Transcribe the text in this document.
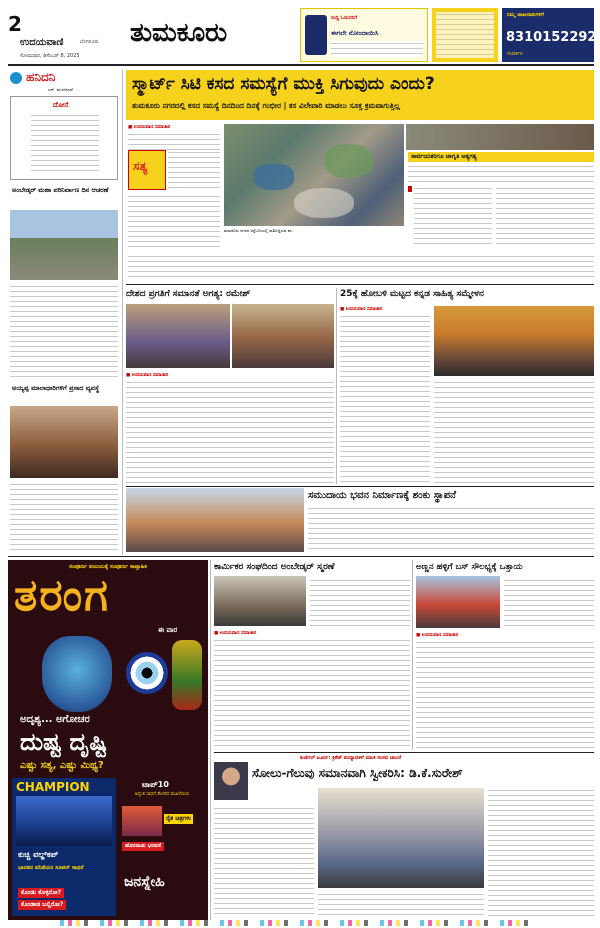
2
ಉದಯವಾಣಿ	ಬೆಂಗಳೂರು
ಸೋಮವಾರ, ಡಿಸೆಂಬರ್ 8, 2025
ತುಮಕೂರು	ಸುದ್ದಿ ಓದುಗರಿಗೆ
ಈಗಲೇ ನೋಂದಾಯಿಸಿ
ನಿಮ್ಮ ಜಾಹೀರಾತುಗಳಿಗೆ
8310152292
ಸಂಪರ್ಕಿಸಿ
ಹನಿದನಿ
ಎನ್. ಮುರಳೀಧರ್
ದೋಸೆ
ಅಂಬೇಡ್ಕರ್ ಮಹಾ ಪರಿನಿರ್ವಾಣ ದಿನ ಆಚರಣೆ
ಅಯ್ಯಪ್ಪ ಮಾಲಾಧಾರಿಗಳಿಗೆ ಪ್ರಸಾದ ವ್ಯವಸ್ಥೆ
ಸ್ಮಾರ್ಟ್ ಸಿಟಿ ಕಸದ ಸಮಸ್ಯೆಗೆ ಮುಕ್ತಿ ಸಿಗುವುದು ಎಂದು?
ತುಮಕೂರು ನಗರದಲ್ಲಿ ಕಸದ ಸಮಸ್ಯೆ ದಿನದಿಂದ ದಿನಕ್ಕೆ ಗಂಭೀರ | ಕಸ ವಿಲೇವಾರಿ ಮಾಡಲು ಸೂಕ್ತ ಕ್ರಮವಾಗುತ್ತಿಲ್ಲ
■ ಉದಯವಾಣಿ ಸಮಾಚಾರ
ಸತ್ಯ
ಸಾರ್ವಜನಿಕರಿಗೂ ಜಾಗೃತಿ ಅತ್ಯಗತ್ಯ
ತುಮಕೂರು ನಗರದ ರಸ್ತೆಬದಿಯಲ್ಲಿ ರಾಶಿಬಿದ್ದಿರುವ ಕಸ.
ದೇಶದ ಪ್ರಗತಿಗೆ ಸಮಾನತೆ ಅಗತ್ಯ: ರಮೇಶ್
■ ಉದಯವಾಣಿ ಸಮಾಚಾರ
25ಕ್ಕೆ ಹೋಬಳಿ ಮಟ್ಟದ ಕನ್ನಡ ಸಾಹಿತ್ಯ ಸಮ್ಮೇಳನ
■ ಉದಯವಾಣಿ ಸಮಾಚಾರ
ಸಮುದಾಯ ಭವನ ನಿರ್ಮಾಣಕ್ಕೆ ಶಂಕು ಸ್ಥಾಪನೆ
ಸಂಪೂರ್ಣ ಕುಟುಂಬಕ್ಕೆ ಸಂಪೂರ್ಣ ಸಾಪ್ತಾಹಿಕ
ತರಂಗ
ಈ ವಾರ
ಅದೃಶ್ಯ... ಅಗೋಚರ
ದುಷ್ಟ ದೃಷ್ಟಿ
ಎಷ್ಟು ಸತ್ಯ, ಎಷ್ಟು ಮಿಥ್ಯ?
CHAMPION
ಕುಚ್ಚಿ ವಲ್ಡ್‌ಕಪ್
ಭಾರತದ ವನಿತೆಯರ ಸೂಪರ್ ಸಾಧನೆ
ಕೊಂಡು ಕೊಳ್ಳಿರೋ?
ಕೊಂಡಾಡ ಬಲ್ಲಿರೋ?
ಟಾಪ್10
ಅದ್ಭುತ ಸಾಧನೆ ತೋರಿದ ಮಹಿಳೆಯರು
ರೈತ ಚಿತ್ರಗಳು
ಹೊರನಾಡು ಭರವಸೆ
ಜನಸ್ನೇಹಿ
ಕಾರ್ಮಿಕರ ಸಂಘದಿಂದ ಅಂಬೇಡ್ಕರ್ ಸ್ಮರಣೆ
■ ಉದಯವಾಣಿ ಸಮಾಚಾರ
ಅಣ್ಣನ ಹಳ್ಳಿಗೆ ಬಸ್ ಸೌಲಭ್ಯಕ್ಕೆ ಒತ್ತಾಯ
■ ಉದಯವಾಣಿ ಸಮಾಚಾರ
ಕುಣಿಗಲ್ ಟೂರ್ನ: ಕ್ರಿಕೆಟ್ ಪಂದ್ಯಾವಳಿಗೆ ಮಾಜಿ ಸಂಸದ ಚಾಲನೆ
ಸೋಲು-ಗೆಲುವು ಸಮಾನವಾಗಿ ಸ್ವೀಕರಿಸಿ: ಡಿ.ಕೆ.ಸುರೇಶ್
